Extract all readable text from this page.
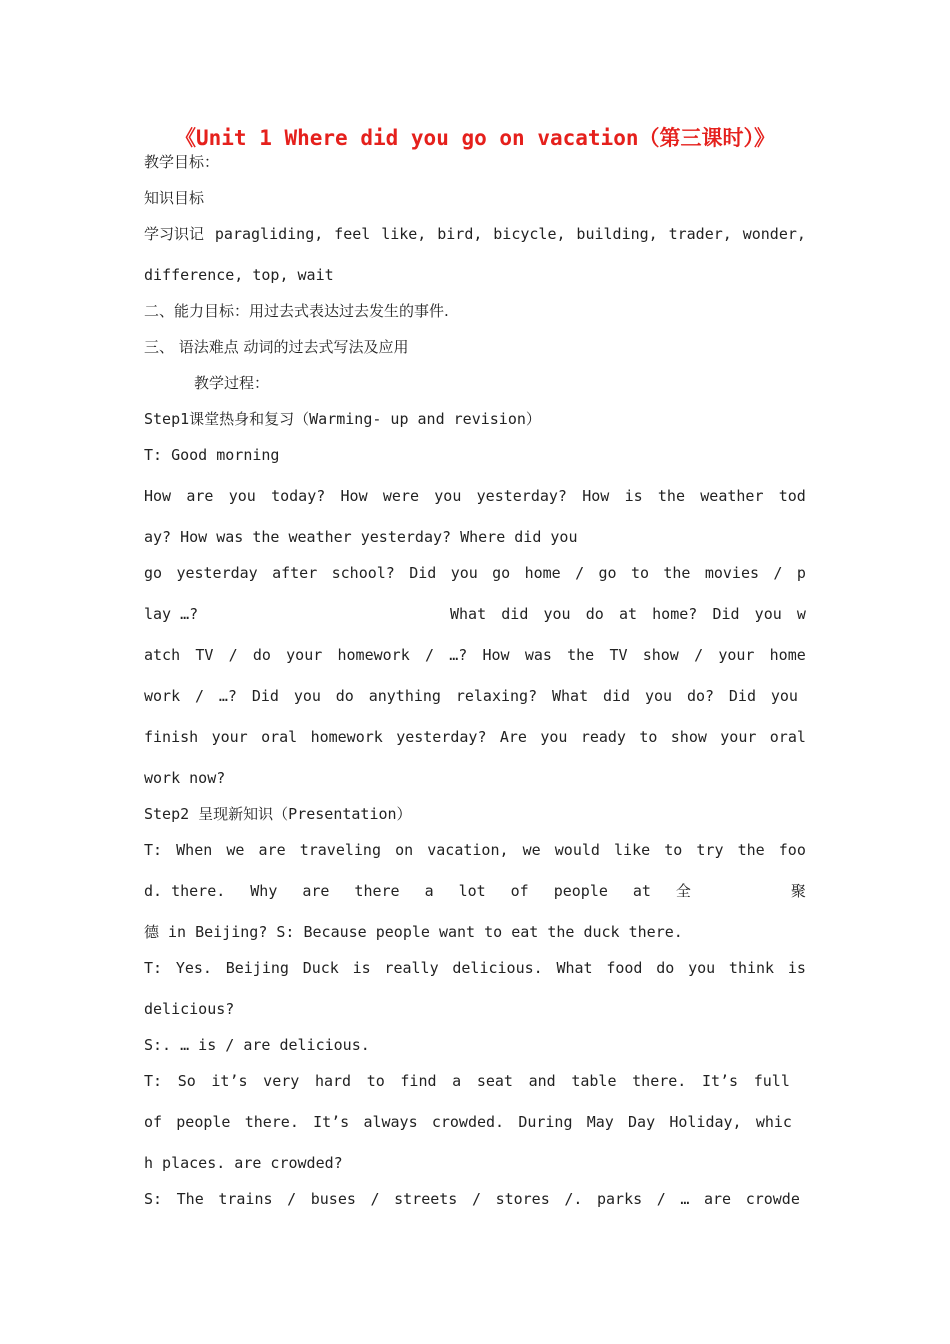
《Unit 1 Where did you go on vacation（第三课时）》
教学目标：
知识目标
学习识记 paragliding, feel like, bird, bicycle, building, trader, wonder,
difference, top, wait
二、能力目标：用过去式表达过去发生的事件.
三、 语法难点 动词的过去式写法及应用
教学过程：
Step1课堂热身和复习（Warming- up and revision）
T: Good morning
How are you today? How were you yesterday? How is the weather tod
ay? How was the weather yesterday? Where did you
go yesterday after school? Did you go home / go to the movies / p
lay …?	What did you do at home? Did you w
atch TV / do your homework / …? How was the TV show / your home
work / …? Did you do anything relaxing? What did you do? Did you
finish your oral homework yesterday? Are you ready to show your oral
work now?
Step2 呈现新知识（Presentation）
T: When we are traveling on vacation, we would like to try the foo
d. there. Why are there a lot of people at 全	聚
德 in Beijing? S: Because people want to eat the duck there.
T: Yes. Beijing Duck is really delicious. What food do you think is
delicious?
S:. … is / are delicious.
T: So it’s very hard to find a seat and table there. It’s full
of people there. It’s always crowded. During May Day Holiday, whic
h places. are crowded?
S: The trains / buses / streets / stores /. parks / … are crowde
